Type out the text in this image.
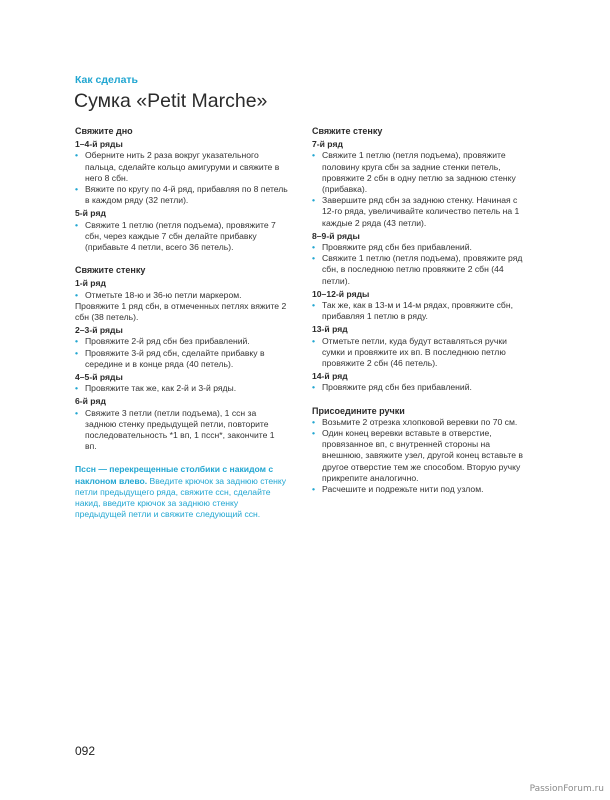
Как сделать
Сумка «Petit Marche»
Свяжите дно
1–4-й ряды
• Оберните нить 2 раза вокруг указательного пальца, сделайте кольцо амигуруми и свяжите в него 8 сбн.
• Вяжите по кругу по 4-й ряд, прибавляя по 8 петель в каждом ряду (32 петли).
5-й ряд
• Свяжите 1 петлю (петля подъема), провяжите 7 сбн, через каждые 7 сбн делайте прибавку (прибавьте 4 петли, всего 36 петель).
Свяжите стенку
1-й ряд
• Отметьте 18-ю и 36-ю петли маркером.

Провяжите 1 ряд сбн, в отмеченных петлях вяжите 2 сбн (38 петель).

2–3-й ряды
• Провяжите 2-й ряд сбн без прибавлений.
• Провяжите 3-й ряд сбн, сделайте прибавку в середине и в конце ряда (40 петель).
4–5-й ряды
• Провяжите так же, как 2-й и 3-й ряды.
6-й ряд
• Свяжите 3 петли (петли подъема), 1 ссн за заднюю стенку предыдущей петли, повторите последовательность *1 вп, 1 пссн*, закончите 1 вп.
Пссн — перекрещенные столбики с накидом с наклоном влево. Введите крючок за заднюю стенку петли предыдущего ряда, свяжите ссн, сделайте накид, введите крючок за заднюю стенку предыдущей петли и свяжите следующий ссн.
Свяжите стенку
7-й ряд
• Свяжите 1 петлю (петля подъема), провяжите половину круга сбн за задние стенки петель, провяжите 2 сбн в одну петлю за заднюю стенку (прибавка).
• Завершите ряд сбн за заднюю стенку. Начиная с 12-го ряда, увеличивайте количество петель на 1 каждые 2 ряда (43 петли).
8–9-й ряды
• Провяжите ряд сбн без прибавлений.
• Свяжите 1 петлю (петля подъема), провяжите ряд сбн, в последнюю петлю провяжите 2 сбн (44 петли).
10–12-й ряды
• Так же, как в 13-м и 14-м рядах, провяжите сбн, прибавляя 1 петлю в ряду.
13-й ряд
• Отметьте петли, куда будут вставляться ручки сумки и провяжите их вп. В последнюю петлю провяжите 2 сбн (46 петель).
14-й ряд
• Провяжите ряд сбн без прибавлений.
Присоедините ручки
• Возьмите 2 отрезка хлопковой веревки по 70 см.
• Один конец веревки вставьте в отверстие, провязанное вп, с внутренней стороны на внешнюю, завяжите узел, другой конец вставьте в другое отверстие тем же способом. Вторую ручку прикрепите аналогично.
• Расчешите и подрежьте нити под узлом.
092
PassionForum.ru
